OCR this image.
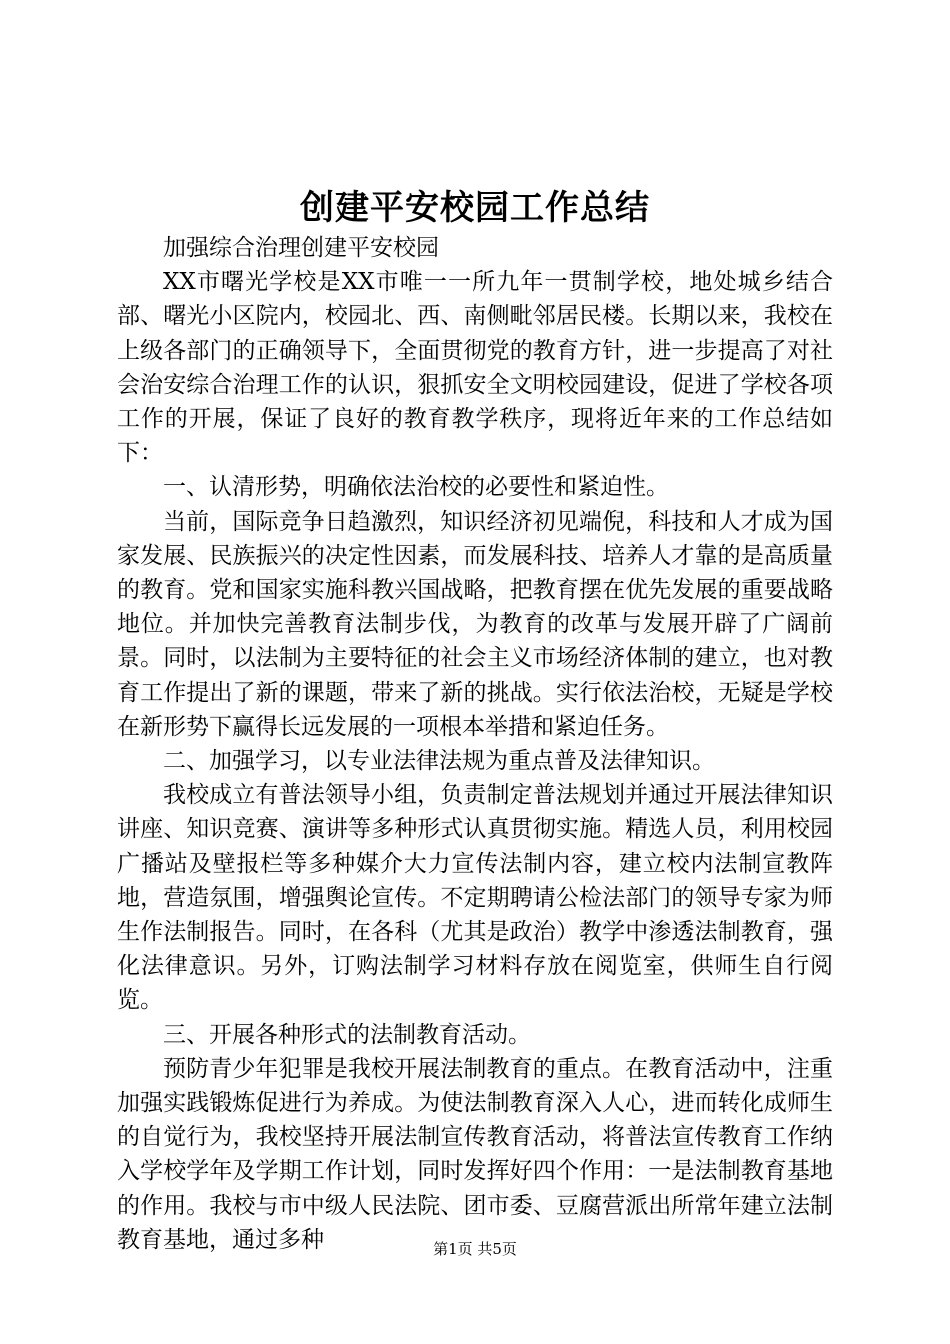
创建平安校园工作总结

加强综合治理创建平安校园

XX市曙光学校是XX市唯一一所九年一贯制学校，地处城乡结合部、曙光小区院内，校园北、西、南侧毗邻居民楼。长期以来，我校在上级各部门的正确领导下，全面贯彻党的教育方针，进一步提高了对社会治安综合治理工作的认识，狠抓安全文明校园建设，促进了学校各项工作的开展，保证了良好的教育教学秩序，现将近年来的工作总结如下：

一、认清形势，明确依法治校的必要性和紧迫性。

当前，国际竞争日趋激烈，知识经济初见端倪，科技和人才成为国家发展、民族振兴的决定性因素，而发展科技、培养人才靠的是高质量的教育。党和国家实施科教兴国战略，把教育摆在优先发展的重要战略地位。并加快完善教育法制步伐，为教育的改革与发展开辟了广阔前景。同时，以法制为主要特征的社会主义市场经济体制的建立，也对教育工作提出了新的课题，带来了新的挑战。实行依法治校，无疑是学校在新形势下赢得长远发展的一项根本举措和紧迫任务。

二、加强学习，以专业法律法规为重点普及法律知识。

我校成立有普法领导小组，负责制定普法规划并通过开展法律知识讲座、知识竞赛、演讲等多种形式认真贯彻实施。精选人员，利用校园广播站及壁报栏等多种媒介大力宣传法制内容，建立校内法制宣教阵地，营造氛围，增强舆论宣传。不定期聘请公检法部门的领导专家为师生作法制报告。同时，在各科（尤其是政治）教学中渗透法制教育，强化法律意识。另外，订购法制学习材料存放在阅览室，供师生自行阅览。

三、开展各种形式的法制教育活动。

预防青少年犯罪是我校开展法制教育的重点。在教育活动中，注重加强实践锻炼促进行为养成。为使法制教育深入人心，进而转化成师生的自觉行为，我校坚持开展法制宣传教育活动，将普法宣传教育工作纳入学校学年及学期工作计划，同时发挥好四个作用：一是法制教育基地的作用。我校与市中级人民法院、团市委、豆腐营派出所常年建立法制教育基地，通过多种	第1页 共5页
